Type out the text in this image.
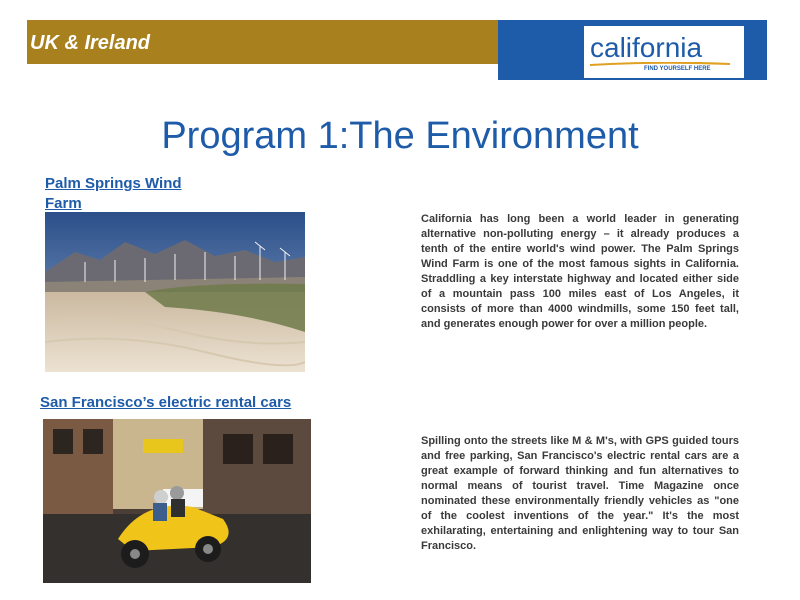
UK & Ireland	california
FIND YOURSELF HERE
Program 1:The Environment
Palm Springs Wind Farm
California has long been a world leader in generating alternative non-polluting energy – it already produces a tenth of the entire world's wind power. The Palm Springs Wind Farm is one of the most famous sights in California. Straddling a key interstate highway and located either side of a mountain pass 100 miles east of Los Angeles, it consists of more than 4000 windmills, some 150 feet tall, and generates enough power for over a million people.
San Francisco’s electric rental cars
Spilling onto the streets like M & M's, with GPS guided tours and free parking, San Francisco's electric rental cars are a great example of forward thinking and fun alternatives to normal means of tourist travel. Time Magazine once nominated these environmentally friendly vehicles as "one of the coolest inventions of the year." It's the most exhilarating, entertaining and enlightening way to tour San Francisco.
